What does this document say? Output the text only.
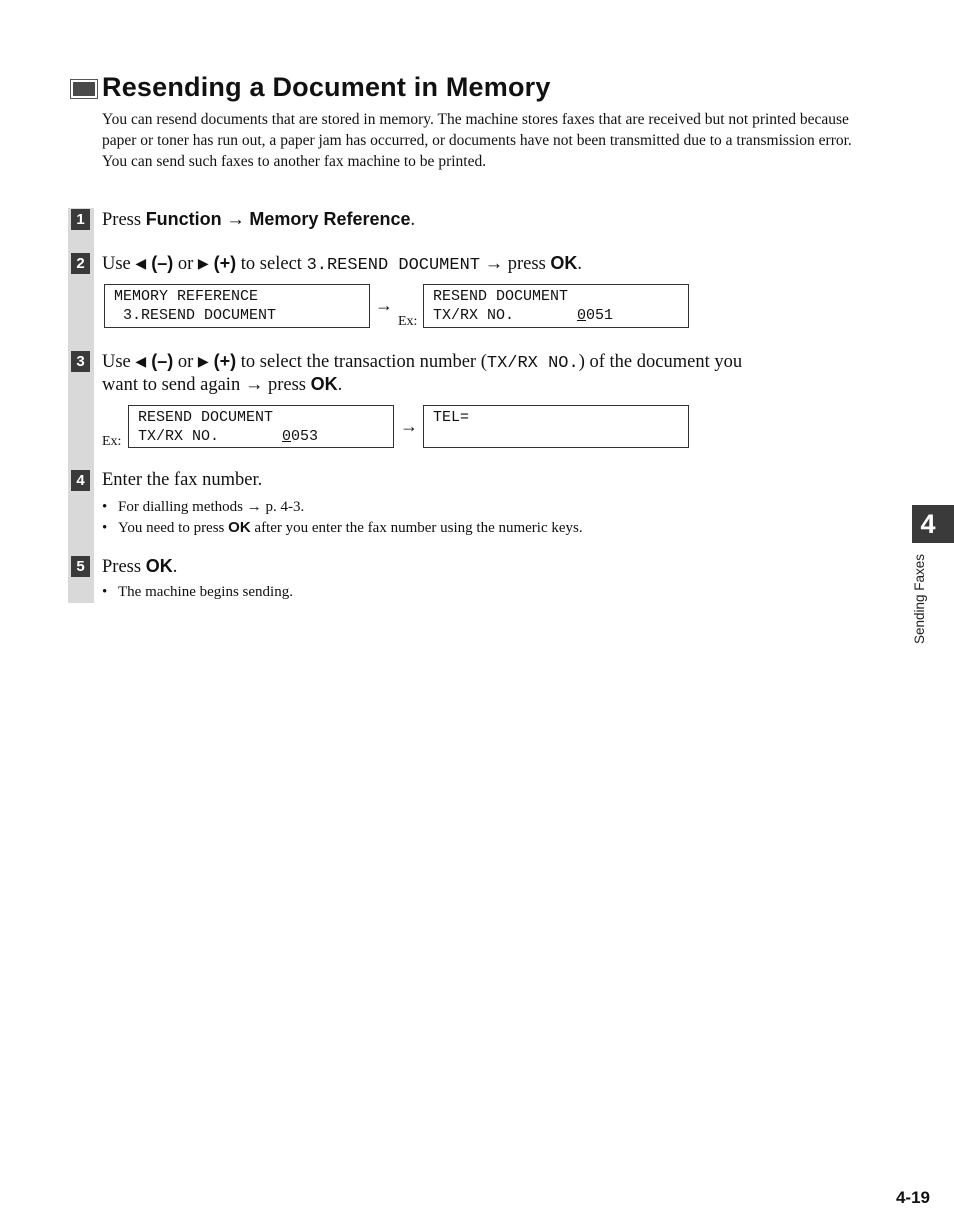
Resending a Document in Memory

You can resend documents that are stored in memory. The machine stores faxes that are received but not printed because paper or toner has run out, a paper jam has occurred, or documents have not been transmitted due to a transmission error.

You can send such faxes to another fax machine to be printed.

1 Press Function → Memory Reference.
2 Use ◀ (–) or ▶ (+) to select 3.RESEND DOCUMENT → press OK.
MEMORY REFERENCE
3.RESEND DOCUMENT
→
Ex:
RESEND DOCUMENT
TX/RX NO.       0051
3 Use ◀ (–) or ▶ (+) to select the transaction number (TX/RX NO.) of the document you
want to send again → press OK.
Ex:
RESEND DOCUMENT
TX/RX NO.       0053
→ TEL=
4 Enter the fax number.
• For dialling methods → p. 4-3.
• You need to press OK after you enter the fax number using the numeric keys.
5 Press OK.
• The machine begins sending.
4
Sending Faxes
4-19
